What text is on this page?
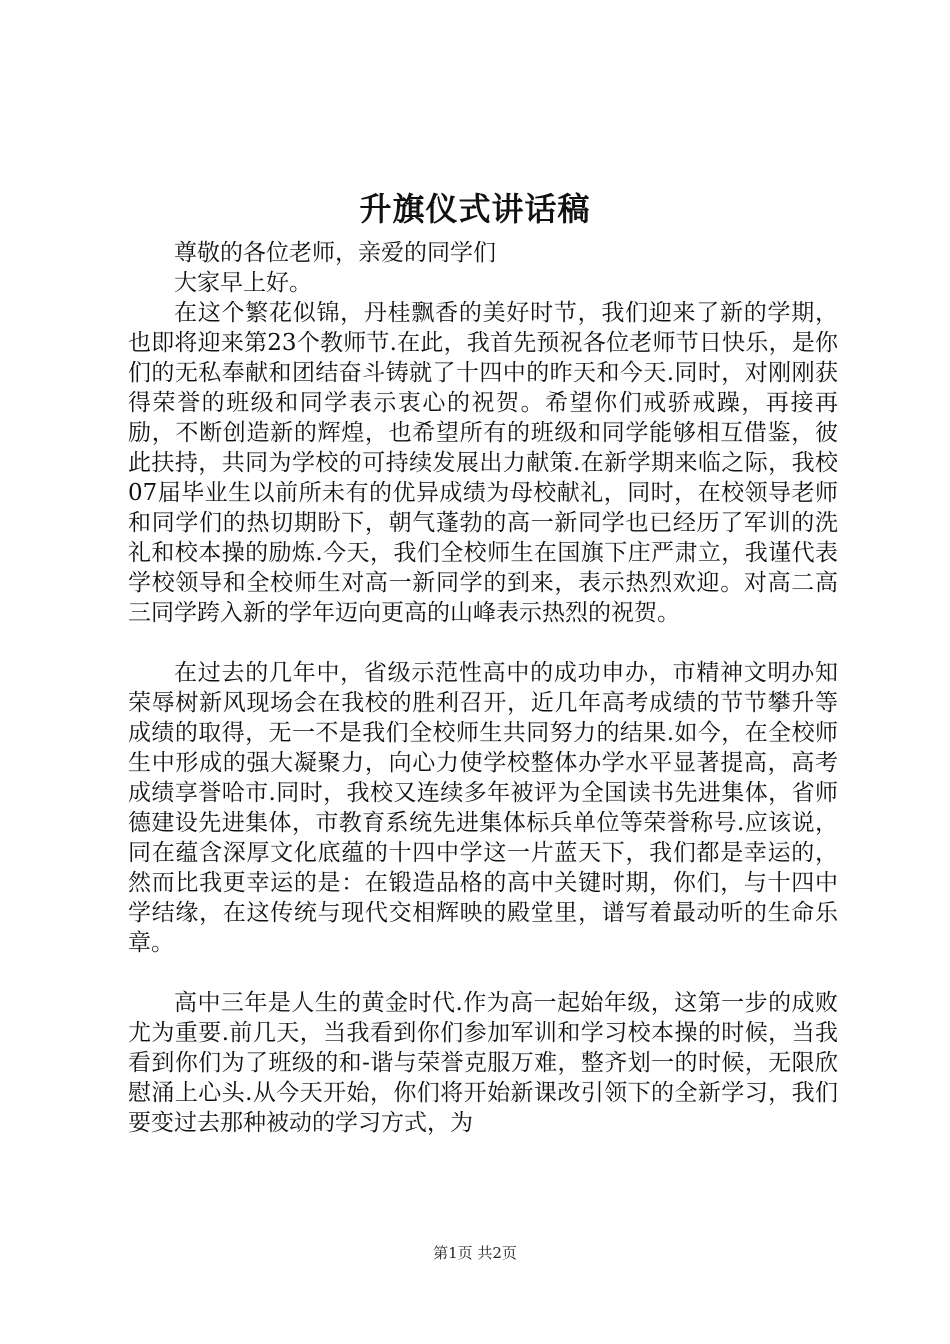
升旗仪式讲话稿

尊敬的各位老师，亲爱的同学们

大家早上好。

在这个繁花似锦，丹桂飘香的美好时节，我们迎来了新的学期，也即将迎来第23个教师节.在此，我首先预祝各位老师节日快乐，是你们的无私奉献和团结奋斗铸就了十四中的昨天和今天.同时，对刚刚获得荣誉的班级和同学表示衷心的祝贺。希望你们戒骄戒躁，再接再励，不断创造新的辉煌，也希望所有的班级和同学能够相互借鉴，彼此扶持，共同为学校的可持续发展出力献策.在新学期来临之际，我校07届毕业生以前所未有的优异成绩为母校献礼，同时，在校领导老师和同学们的热切期盼下，朝气蓬勃的高一新同学也已经历了军训的洗礼和校本操的励炼.今天，我们全校师生在国旗下庄严肃立，我谨代表学校领导和全校师生对高一新同学的到来，表示热烈欢迎。对高二高三同学跨入新的学年迈向更高的山峰表示热烈的祝贺。

在过去的几年中，省级示范性高中的成功申办，市精神文明办知荣辱树新风现场会在我校的胜利召开，近几年高考成绩的节节攀升等成绩的取得，无一不是我们全校师生共同努力的结果.如今，在全校师生中形成的强大凝聚力，向心力使学校整体办学水平显著提高，高考成绩享誉哈市.同时，我校又连续多年被评为全国读书先进集体，省师德建设先进集体，市教育系统先进集体标兵单位等荣誉称号.应该说，同在蕴含深厚文化底蕴的十四中学这一片蓝天下，我们都是幸运的，然而比我更幸运的是：在锻造品格的高中关键时期，你们，与十四中学结缘，在这传统与现代交相辉映的殿堂里，谱写着最动听的生命乐章。

高中三年是人生的黄金时代.作为高一起始年级，这第一步的成败尤为重要.前几天，当我看到你们参加军训和学习校本操的时候，当我看到你们为了班级的和-谐与荣誉克服万难，整齐划一的时候，无限欣慰涌上心头.从今天开始，你们将开始新课改引领下的全新学习，我们要变过去那种被动的学习方式，为

第1页 共2页
